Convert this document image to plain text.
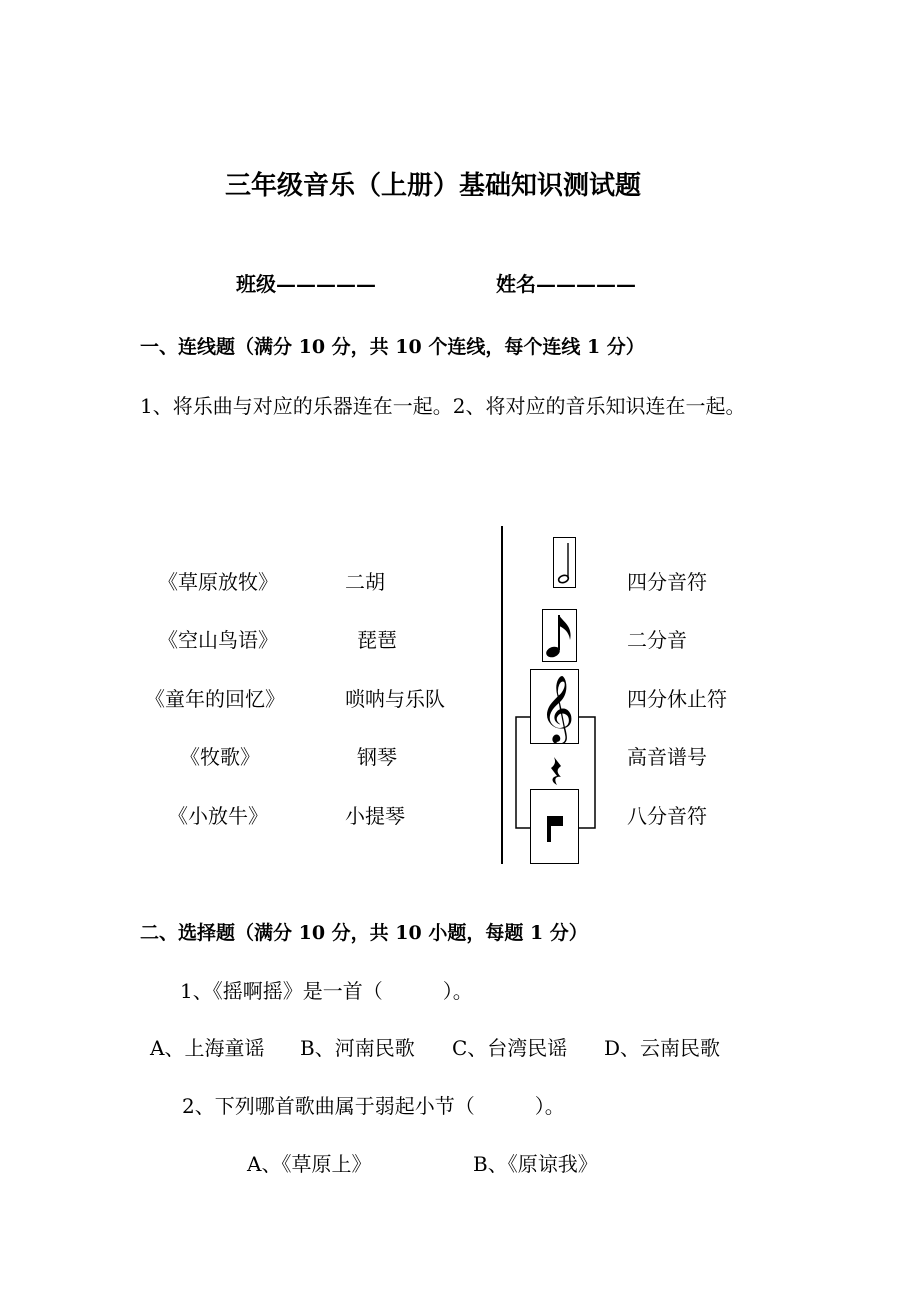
三年级音乐（上册）基础知识测试题
班级—————	姓名—————
一、连线题（满分 10 分，共 10 个连线，每个连线 1 分）
1、将乐曲与对应的乐器连在一起。2、将对应的音乐知识连在一起。
《草原放牧》
《空山鸟语》
《童年的回忆》
《牧歌》
《小放牛》
二胡
琵琶
唢呐与乐队
钢琴
小提琴
𝄞
四分音符
二分音
四分休止符
高音谱号
八分音符
二、选择题（满分 10 分，共 10 小题，每题 1 分）
1、《摇啊摇》是一首（　　　）。
A、上海童谣 B、河南民歌 C、台湾民谣 D、云南民歌
2、下列哪首歌曲属于弱起小节（　　　）。
A、《草原上》	B、《原谅我》
